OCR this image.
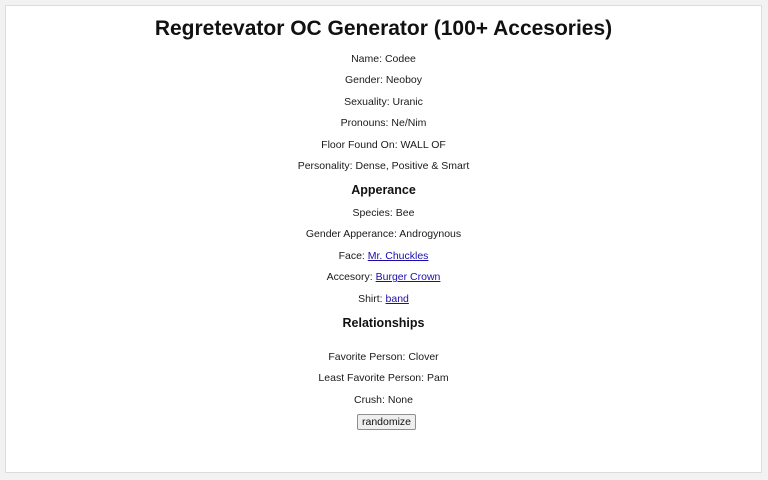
Regretevator OC Generator (100+ Accesories)
Name: Codee
Gender: Neoboy
Sexuality: Uranic
Pronouns: Ne/Nim
Floor Found On: WALL OF
Personality: Dense, Positive & Smart
Apperance
Species: Bee
Gender Apperance: Androgynous
Face: Mr. Chuckles
Accesory: Burger Crown
Shirt: band
Relationships
Favorite Person: Clover
Least Favorite Person: Pam
Crush: None
randomize
